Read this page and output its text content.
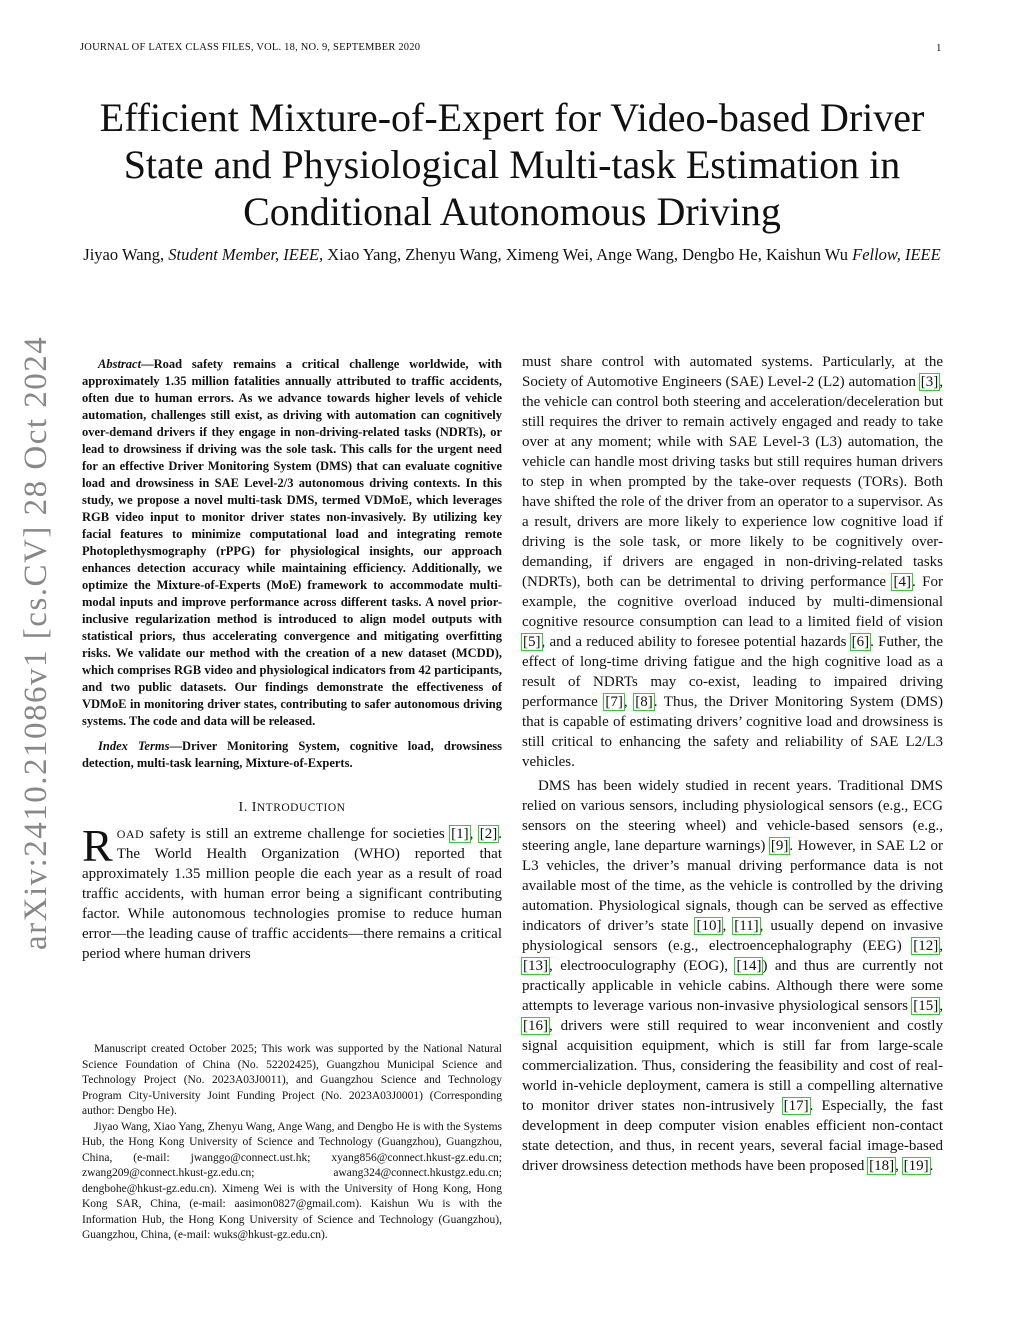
JOURNAL OF LATEX CLASS FILES, VOL. 18, NO. 9, SEPTEMBER 2020	1
Efficient Mixture-of-Expert for Video-based Driver State and Physiological Multi-task Estimation in Conditional Autonomous Driving
Jiyao Wang, Student Member, IEEE, Xiao Yang, Zhenyu Wang, Ximeng Wei, Ange Wang, Dengbo He, Kaishun Wu Fellow, IEEE
arXiv:2410.21086v1 [cs.CV] 28 Oct 2024	Abstract—Road safety remains a critical challenge worldwide, with approximately 1.35 million fatalities annually attributed to traffic accidents, often due to human errors. As we advance towards higher levels of vehicle automation, challenges still exist, as driving with automation can cognitively over-demand drivers if they engage in non-driving-related tasks (NDRTs), or lead to drowsiness if driving was the sole task. This calls for the urgent need for an effective Driver Monitoring System (DMS) that can evaluate cognitive load and drowsiness in SAE Level-2/3 autonomous driving contexts. In this study, we propose a novel multi-task DMS, termed VDMoE, which leverages RGB video input to monitor driver states non-invasively. By utilizing key facial features to minimize computational load and integrating remote Photoplethysmography (rPPG) for physiological insights, our approach enhances detection accuracy while maintaining efficiency. Additionally, we optimize the Mixture-of-Experts (MoE) framework to accommodate multi-modal inputs and improve performance across different tasks. A novel prior-inclusive regularization method is introduced to align model outputs with statistical priors, thus accelerating convergence and mitigating overfitting risks. We validate our method with the creation of a new dataset (MCDD), which comprises RGB video and physiological indicators from 42 participants, and two public datasets. Our findings demonstrate the effectiveness of VDMoE in monitoring driver states, contributing to safer autonomous driving systems. The code and data will be released.

Index Terms—Driver Monitoring System, cognitive load, drowsiness detection, multi-task learning, Mixture-of-Experts.

I. INTRODUCTION

ROAD safety is still an extreme challenge for societies [1], [2]. The World Health Organization (WHO) reported that approximately 1.35 million people die each year as a result of road traffic accidents, with human error being a significant contributing factor. While autonomous technologies promise to reduce human error—the leading cause of traffic accidents—there remains a critical period where human drivers

Manuscript created October 2025; This work was supported by the National Natural Science Foundation of China (No. 52202425), Guangzhou Municipal Science and Technology Project (No. 2023A03J0011), and Guangzhou Science and Technology Program City-University Joint Funding Project (No. 2023A03J0001) (Corresponding author: Dengbo He).

Jiyao Wang, Xiao Yang, Zhenyu Wang, Ange Wang, and Dengbo He is with the Systems Hub, the Hong Kong University of Science and Technology (Guangzhou), Guangzhou, China, (e-mail: jwanggo@connect.ust.hk; xyang856@connect.hkust-gz.edu.cn; zwang209@connect.hkust-gz.edu.cn; awang324@connect.hkustgz.edu.cn; dengbohe@hkust-gz.edu.cn). Ximeng Wei is with the University of Hong Kong, Hong Kong SAR, China, (e-mail: aasimon0827@gmail.com). Kaishun Wu is with the Information Hub, the Hong Kong University of Science and Technology (Guangzhou), Guangzhou, China, (e-mail: wuks@hkust-gz.edu.cn).

must share control with automated systems. Particularly, at the Society of Automotive Engineers (SAE) Level-2 (L2) automation [3], the vehicle can control both steering and acceleration/deceleration but still requires the driver to remain actively engaged and ready to take over at any moment; while with SAE Level-3 (L3) automation, the vehicle can handle most driving tasks but still requires human drivers to step in when prompted by the take-over requests (TORs). Both have shifted the role of the driver from an operator to a supervisor. As a result, drivers are more likely to experience low cognitive load if driving is the sole task, or more likely to be cognitively over-demanding, if drivers are engaged in non-driving-related tasks (NDRTs), both can be detrimental to driving performance [4]. For example, the cognitive overload induced by multi-dimensional cognitive resource consumption can lead to a limited field of vision [5], and a reduced ability to foresee potential hazards [6]. Futher, the effect of long-time driving fatigue and the high cognitive load as a result of NDRTs may co-exist, leading to impaired driving performance [7], [8]. Thus, the Driver Monitoring System (DMS) that is capable of estimating drivers’ cognitive load and drowsiness is still critical to enhancing the safety and reliability of SAE L2/L3 vehicles.

DMS has been widely studied in recent years. Traditional DMS relied on various sensors, including physiological sensors (e.g., ECG sensors on the steering wheel) and vehicle-based sensors (e.g., steering angle, lane departure warnings) [9]. However, in SAE L2 or L3 vehicles, the driver’s manual driving performance data is not available most of the time, as the vehicle is controlled by the driving automation. Physiological signals, though can be served as effective indicators of driver’s state [10], [11], usually depend on invasive physiological sensors (e.g., electroencephalography (EEG) [12], [13], electrooculography (EOG), [14]) and thus are currently not practically applicable in vehicle cabins. Although there were some attempts to leverage various non-invasive physiological sensors [15], [16], drivers were still required to wear inconvenient and costly signal acquisition equipment, which is still far from large-scale commercialization. Thus, considering the feasibility and cost of real-world in-vehicle deployment, camera is still a compelling alternative to monitor driver states non-intrusively [17]. Especially, the fast development in deep computer vision enables efficient non-contact state detection, and thus, in recent years, several facial image-based driver drowsiness detection methods have been proposed [18], [19].
